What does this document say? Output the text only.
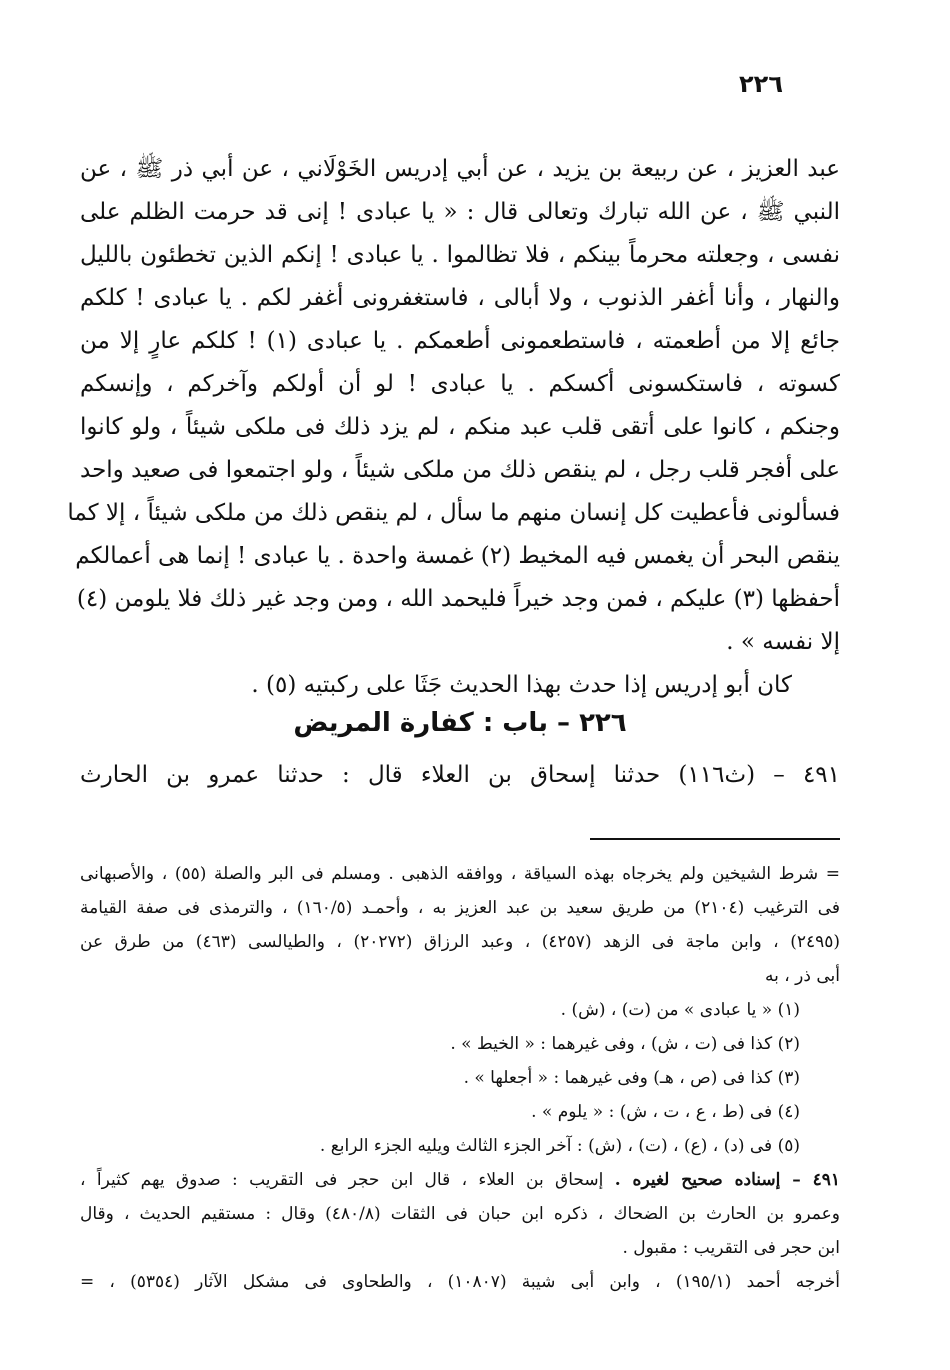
٢٢٦
عبد العزيز ، عن ربيعة بن يزيد ، عن أبي إدريس الخَوْلَاني ، عن أبي ذر ﷺ ، عن
النبي ﷺ ، عن الله تبارك وتعالى قال : « يا عبادى ! إنى قد حرمت الظلم على
نفسى ، وجعلته محرماً بينكم ، فلا تظالموا . يا عبادى ! إنكم الذين تخطئون بالليل
والنهار ، وأنا أغفر الذنوب ، ولا أبالى ، فاستغفرونى أغفر لكم . يا عبادى ! كلكم
جائع إلا من أطعمته ، فاستطعمونى أطعمكم . يا عبادى (١) ! كلكم عارٍ إلا من
كسوته ، فاستكسونى أكسكم . يا عبادى ! لو أن أولكم وآخركم ، وإنسكم
وجنكم ، كانوا على أتقى قلب عبد منكم ، لم يزد ذلك فى ملكى شيئاً ، ولو كانوا
على أفجر قلب رجل ، لم ينقص ذلك من ملكى شيئاً ، ولو اجتمعوا فى صعيد واحد
فسألونى فأعطيت كل إنسان منهم ما سأل ، لم ينقص ذلك من ملكى شيئاً ، إلا كما
ينقص البحر أن يغمس فيه المخيط (٢) غمسة واحدة . يا عبادى ! إنما هى أعمالكم
أحفظها (٣) عليكم ، فمن وجد خيراً فليحمد الله ، ومن وجد غير ذلك فلا يلومن (٤)
إلا نفسه » .
كان أبو إدريس إذا حدث بهذا الحديث جَثَا على ركبتيه (٥) .
٢٢٦ – باب : كفارة المريض
٤٩١ – (ث١١٦) حدثنا إسحاق بن العلاء قال : حدثنا عمرو بن الحارث
= شرط الشيخين ولم يخرجاه بهذه السياقة ، ووافقه الذهبى . ومسلم فى البر والصلة (٥٥) ، والأصبهانى
فى الترغيب (٢١٠٤) من طريق سعيد بن عبد العزيز به ، وأحمـد (١٦٠/٥) ، والترمذى فى صفة القيامة
(٢٤٩٥) ، وابن ماجة فى الزهد (٤٢٥٧) ، وعبد الرزاق (٢٠٢٧٢) ، والطيالسى (٤٦٣) من طرق عن
أبى ذر ، به
(١) « يا عبادى » من (ت) ، (ش) .
(٢) كذا فى (ت ، ش) ، وفى غيرهما : « الخيط » .
(٣) كذا فى (ص ، هـ) وفى غيرهما : « أجعلها » .
(٤) فى (ط ، ع ، ت ، ش) : « يلوم » .
(٥) فى (د) ، (ع) ، (ت) ، (ش) : آخر الجزء الثالث ويليه الجزء الرابع .
٤٩١ – إسناده صحيح لغيره . إسحاق بن العلاء ، قال ابن حجر فى التقريب : صدوق يهم كثيراً ،
وعمرو بن الحارث بن الضحاك ، ذكره ابن حبان فى الثقات (٤٨٠/٨) وقال : مستقيم الحديث ، وقال
ابن حجر فى التقريب : مقبول .
أخرجه أحمد (١٩٥/١) ، وابن أبى شيبة (١٠٨٠٧) ، والطحاوى فى مشكل الآثار (٥٣٥٤) ، =
